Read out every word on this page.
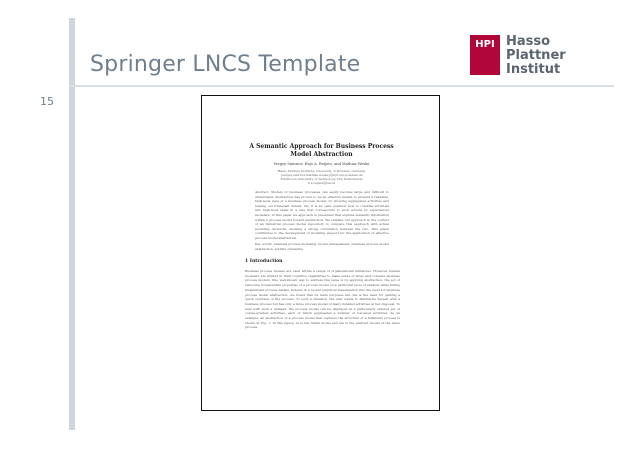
Springer LNCS Template
15
HPI Hasso
Plattner
Institut
A Semantic Approach for Business Process
Model Abstraction
Sergey Smirnov, Hajo A. Reijers, and Mathias Weske
Hasso Plattner Institute, University of Potsdam, Germany
{sergey.smirnov,mathias.weske}@hpi.uni-potsdam.de
Eindhoven University of Technology, The Netherlands
h.a.reijers@tue.nl
Abstract. Models of business processes can easily become large and difficult to understand. Abstraction has proven to be an effective means to present a readable, high-level view of a business process model, by showing aggregated activities and leaving out irrelevant details. Yet, it is an open question how to combine activities into high-level tasks in a way that corresponds to such actions by experienced modelers. In this paper we approach is presented that exploits semantic information within a process model toward abstraction. We validate our approach in the context of an industrial process model repository to compare this approach with actual modeling decisions, showing a strong correlation between the two. This paper contributes to the development of modeling support for the application of effective process model abstraction.
Key words: business process modeling, model management, business process model abstraction, activity clustering
1 Introduction
Business process models are used within a range of organizational initiatives. However, human modelers are limited in their cognitive capabilities to make sense of large and complex business process models. One well-known way to address this issue is by applying abstraction, the act of removing nonessential properties of a process model on a particular level of analysis while hiding insignificant process details. Indeed, in a recent empirical investigation into the need for business process model abstraction, we found that its main purposes are one is the need for gaining a quick overview of the process. To such a situation, the user wants to familiarize herself with a business process but has only a large process model of many detailed activities at her disposal. To deal with such a demand, the process model can be displayed at a particularly ordered set of coarse-grained activities, each of which aggregates a number of low-level activities. As an example, an abstraction of a process model that captures the structure of a fulfilment process is shown in Fig. 1. In this figure, m is the initial model and ma is the abstract model of the same process.
